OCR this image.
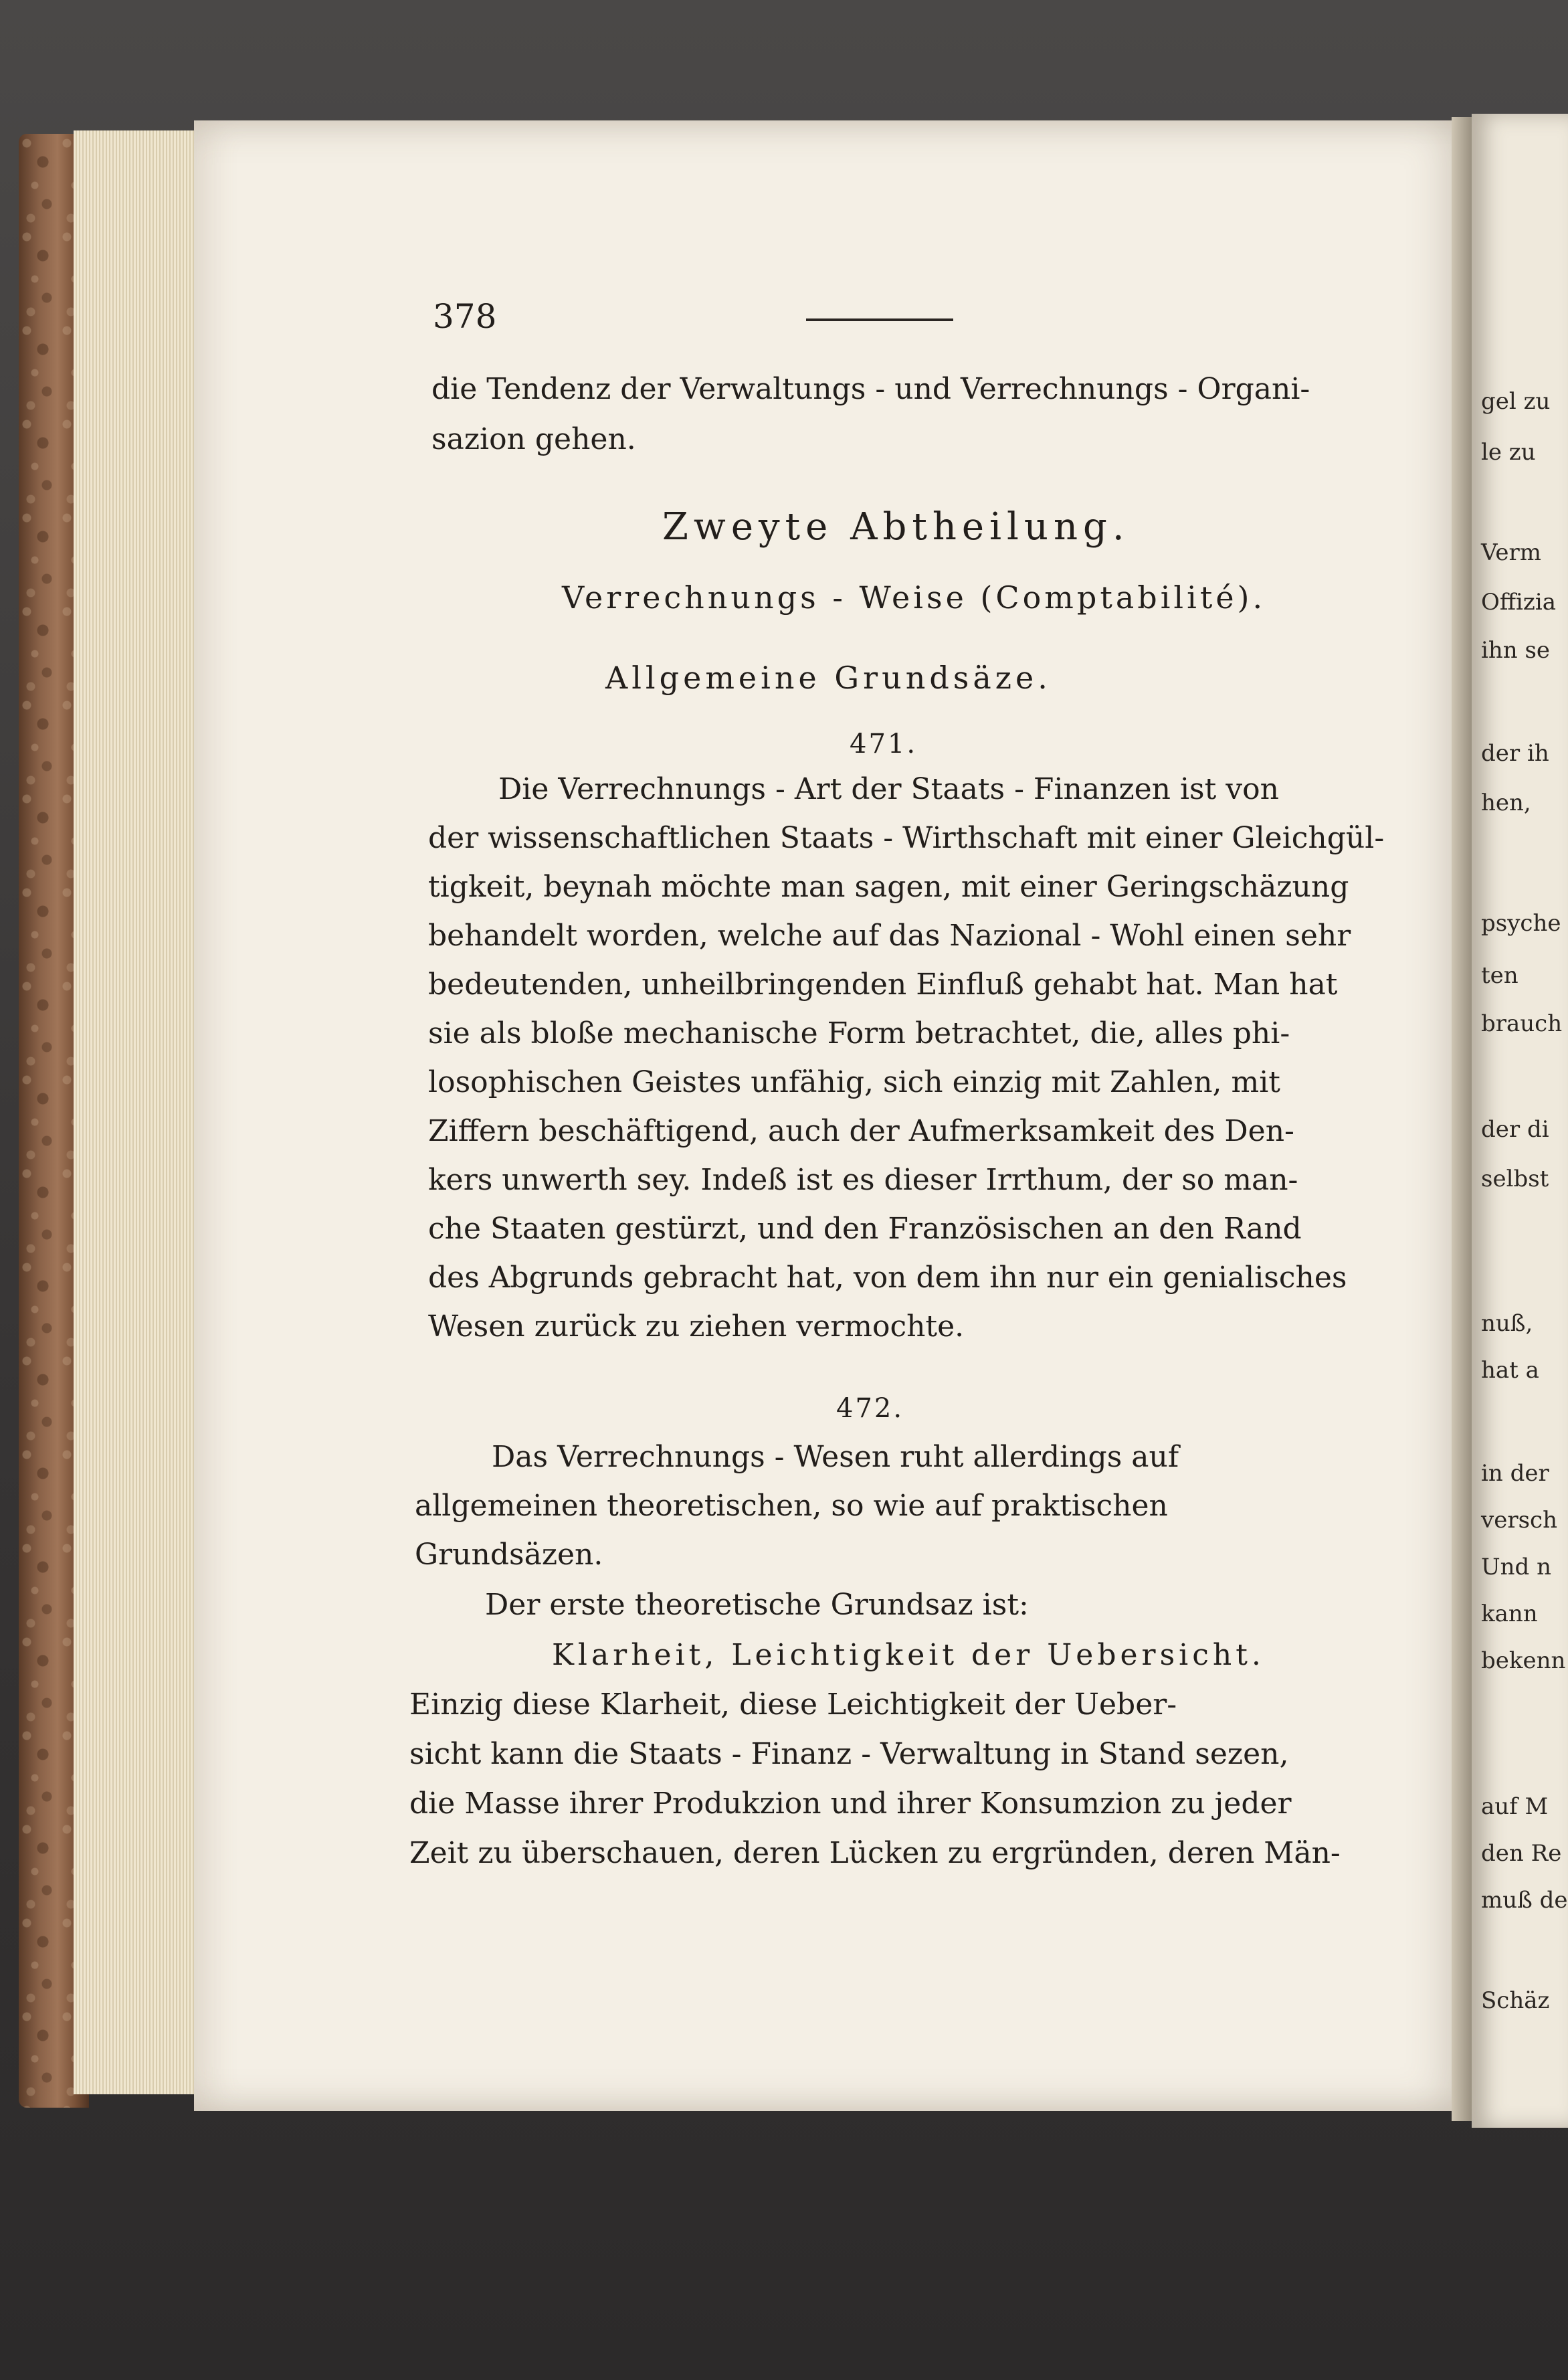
gel zu
le zu
Verm
Offizia
ihn se
der ih
hen,
psyche
ten
brauch
der di
selbst
nuß,
hat a
in der
versch
Und n
kann
bekenn
auf M
den Re
muß de
Schäz
378
die Tendenz der Verwaltungs - und Verrechnungs - Organi-
sazion gehen.
Zweyte Abtheilung.
Verrechnungs - Weise (Comptabilité).
Allgemeine Grundsäze.
471.
Die Verrechnungs - Art der Staats - Finanzen ist von
der wissenschaftlichen Staats - Wirthschaft mit einer Gleichgül-
tigkeit, beynah möchte man sagen, mit einer Geringschäzung
behandelt worden, welche auf das Nazional - Wohl einen sehr
bedeutenden, unheilbringenden Einfluß gehabt hat. Man hat
sie als bloße mechanische Form betrachtet, die, alles phi-
losophischen Geistes unfähig, sich einzig mit Zahlen, mit
Ziffern beschäftigend, auch der Aufmerksamkeit des Den-
kers unwerth sey. Indeß ist es dieser Irrthum, der so man-
che Staaten gestürzt, und den Französischen an den Rand
des Abgrunds gebracht hat, von dem ihn nur ein genialisches
Wesen zurück zu ziehen vermochte.
472.
Das Verrechnungs - Wesen ruht allerdings auf
allgemeinen theoretischen, so wie auf praktischen
Grundsäzen.
Der erste theoretische Grundsaz ist:
Klarheit, Leichtigkeit der Uebersicht.
Einzig diese Klarheit, diese Leichtigkeit der Ueber-
sicht kann die Staats - Finanz - Verwaltung in Stand sezen,
die Masse ihrer Produkzion und ihrer Konsumzion zu jeder
Zeit zu überschauen, deren Lücken zu ergründen, deren Män-
